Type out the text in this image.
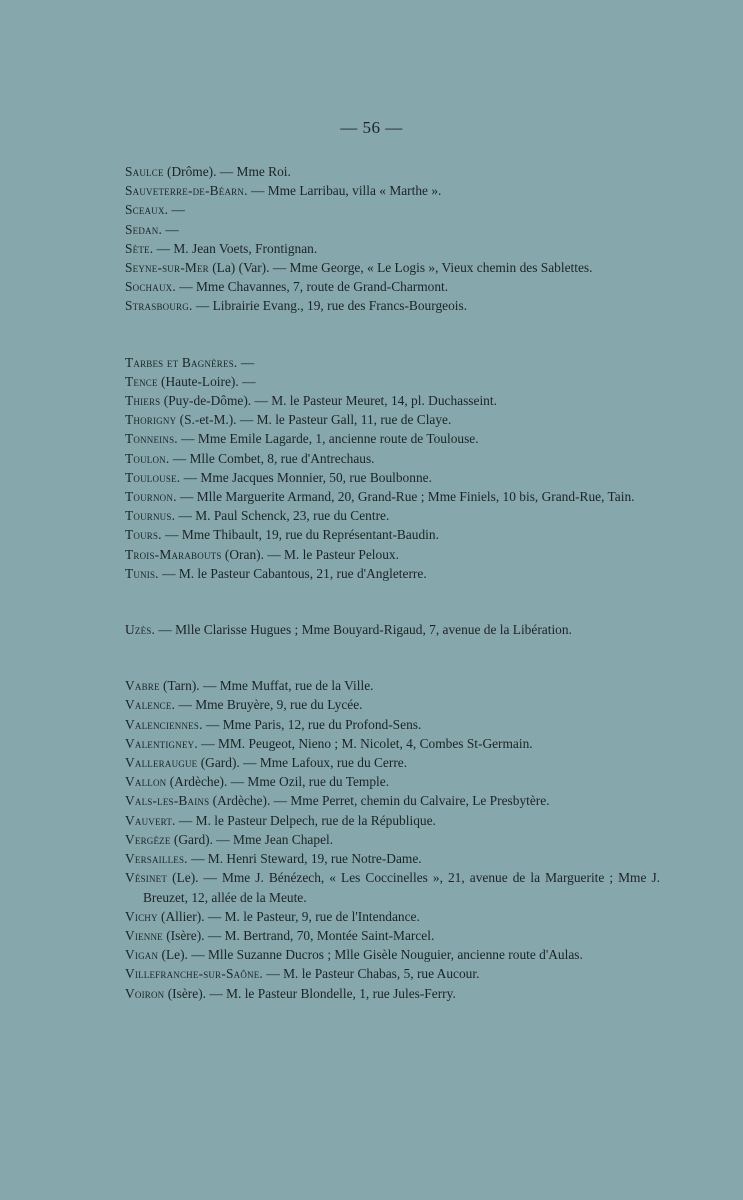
— 56 —
Saulce (Drôme). — Mme Roi.
Sauveterre-de-Béarn. — Mme Larribau, villa « Marthe ».
Sceaux. —
Sedan. —
Sète. — M. Jean Voets, Frontignan.
Seyne-sur-Mer (La) (Var). — Mme George, « Le Logis », Vieux chemin des Sablettes.
Sochaux. — Mme Chavannes, 7, route de Grand-Charmont.
Strasbourg. — Librairie Evang., 19, rue des Francs-Bourgeois.
Tarbes et Bagnères. —
Tence (Haute-Loire). —
Thiers (Puy-de-Dôme). — M. le Pasteur Meuret, 14, pl. Duchasseint.
Thorigny (S.-et-M.). — M. le Pasteur Gall, 11, rue de Claye.
Tonneins. — Mme Emile Lagarde, 1, ancienne route de Toulouse.
Toulon. — Mlle Combet, 8, rue d'Antrechaus.
Toulouse. — Mme Jacques Monnier, 50, rue Boulbonne.
Tournon. — Mlle Marguerite Armand, 20, Grand-Rue ; Mme Finiels, 10 bis, Grand-Rue, Tain.
Tournus. — M. Paul Schenck, 23, rue du Centre.
Tours. — Mme Thibault, 19, rue du Représentant-Baudin.
Trois-Marabouts (Oran). — M. le Pasteur Peloux.
Tunis. — M. le Pasteur Cabantous, 21, rue d'Angleterre.
Uzès. — Mlle Clarisse Hugues ; Mme Bouyard-Rigaud, 7, avenue de la Libération.
Vabre (Tarn). — Mme Muffat, rue de la Ville.
Valence. — Mme Bruyère, 9, rue du Lycée.
Valenciennes. — Mme Paris, 12, rue du Profond-Sens.
Valentigney. — MM. Peugeot, Nieno ; M. Nicolet, 4, Combes St-Germain.
Valleraugue (Gard). — Mme Lafoux, rue du Cerre.
Vallon (Ardèche). — Mme Ozil, rue du Temple.
Vals-les-Bains (Ardèche). — Mme Perret, chemin du Calvaire, Le Presbytère.
Vauvert. — M. le Pasteur Delpech, rue de la République.
Vergèze (Gard). — Mme Jean Chapel.
Versailles. — M. Henri Steward, 19, rue Notre-Dame.
Vésinet (Le). — Mme J. Bénézech, « Les Coccinelles », 21, avenue de la Marguerite ; Mme J. Breuzet, 12, allée de la Meute.
Vichy (Allier). — M. le Pasteur, 9, rue de l'Intendance.
Vienne (Isère). — M. Bertrand, 70, Montée Saint-Marcel.
Vigan (Le). — Mlle Suzanne Ducros ; Mlle Gisèle Nouguier, ancienne route d'Aulas.
Villefranche-sur-Saône. — M. le Pasteur Chabas, 5, rue Aucour.
Voiron (Isère). — M. le Pasteur Blondelle, 1, rue Jules-Ferry.
